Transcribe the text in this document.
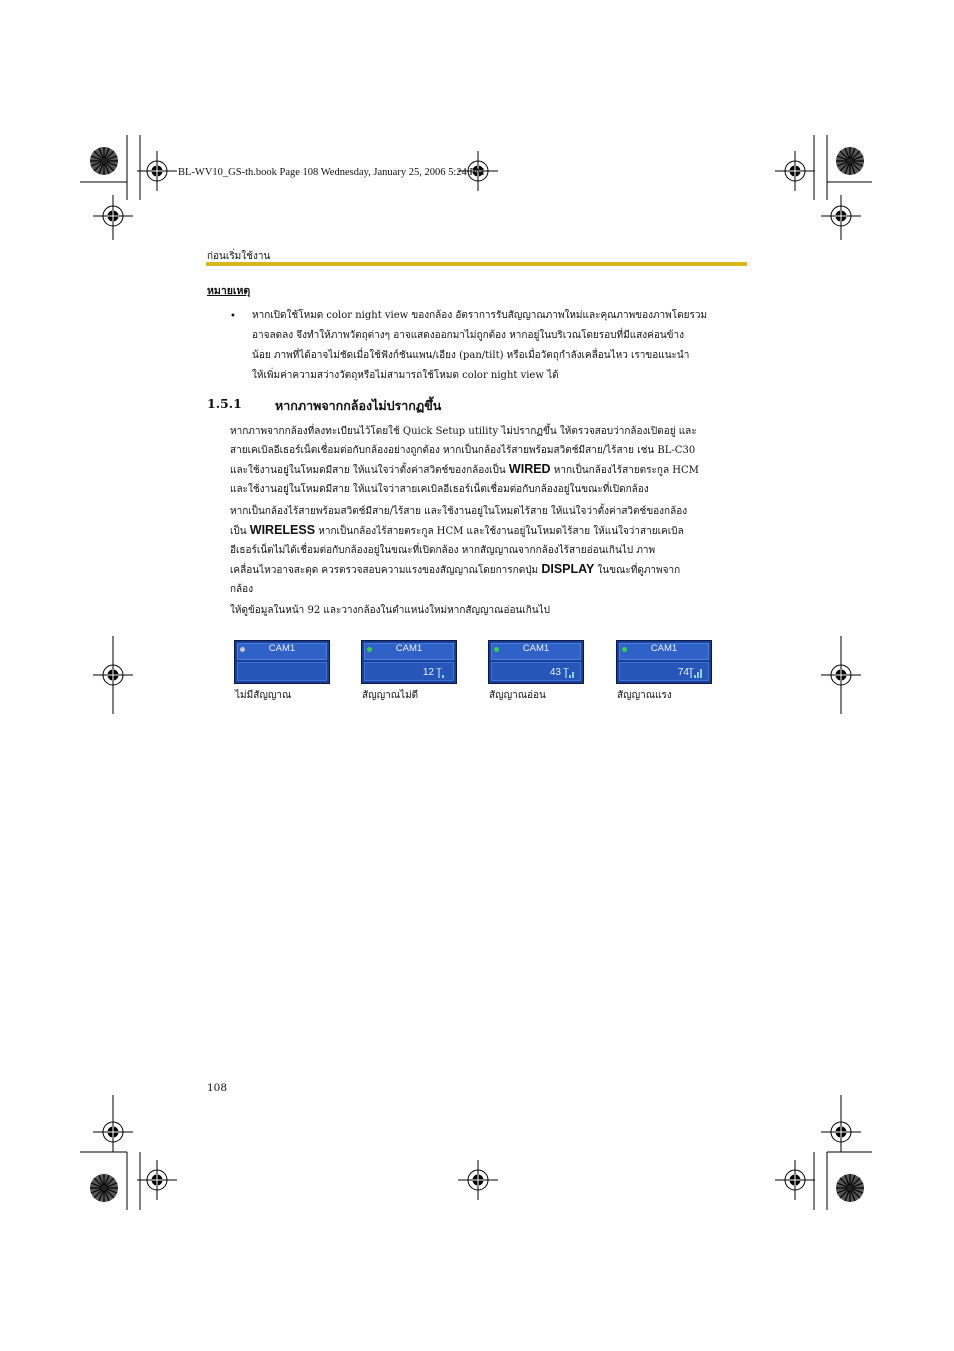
BL-WV10_GS-th.book Page 108 Wednesday, January 25, 2006 5:24 PM
ก่อนเริ่มใช้งาน
หมายเหตุ
• หากเปิดใช้โหมด color night view ของกล้อง อัตราการรับสัญญาณภาพใหม่และคุณภาพของภาพโดยรวม
อาจลดลง จึงทำให้ภาพวัตถุต่างๆ อาจแสดงออกมาไม่ถูกต้อง หากอยู่ในบริเวณโดยรอบที่มีแสงค่อนข้าง
น้อย ภาพที่ได้อาจไม่ชัดเมื่อใช้ฟังก์ชันแพน/เอียง (pan/tilt) หรือเมื่อวัตถุกำลังเคลื่อนไหว เราขอแนะนำ
ให้เพิ่มค่าความสว่างวัตถุหรือไม่สามารถใช้โหมด color night view ได้
1.5.1	หากภาพจากกล้องไม่ปรากฏขึ้น
หากภาพจากกล้องที่ลงทะเบียนไว้โดยใช้ Quick Setup utility ไม่ปรากฏขึ้น ให้ตรวจสอบว่ากล้องเปิดอยู่ และ
สายเคเบิลอีเธอร์เน็ตเชื่อมต่อกับกล้องอย่างถูกต้อง หากเป็นกล้องไร้สายพร้อมสวิตช์มีสาย/ไร้สาย เช่น BL-C30
และใช้งานอยู่ในโหมดมีสาย ให้แน่ใจว่าตั้งค่าสวิตช์ของกล้องเป็น WIRED หากเป็นกล้องไร้สายตระกูล HCM
และใช้งานอยู่ในโหมดมีสาย ให้แน่ใจว่าสายเคเบิลอีเธอร์เน็ตเชื่อมต่อกับกล้องอยู่ในขณะที่เปิดกล้อง
หากเป็นกล้องไร้สายพร้อมสวิตช์มีสาย/ไร้สาย และใช้งานอยู่ในโหมดไร้สาย ให้แน่ใจว่าตั้งค่าสวิตช์ของกล้อง
เป็น WIRELESS หากเป็นกล้องไร้สายตระกูล HCM และใช้งานอยู่ในโหมดไร้สาย ให้แน่ใจว่าสายเคเบิล
อีเธอร์เน็ตไม่ได้เชื่อมต่อกับกล้องอยู่ในขณะที่เปิดกล้อง หากสัญญาณจากกล้องไร้สายอ่อนเกินไป ภาพ
เคลื่อนไหวอาจสะดุด ควรตรวจสอบความแรงของสัญญาณโดยการกดปุ่ม DISPLAY ในขณะที่ดูภาพจาก
กล้อง
ให้ดูข้อมูลในหน้า 92 และวางกล้องในตำแหน่งใหม่หากสัญญาณอ่อนเกินไป
CAM1
ไม่มีสัญญาณ
CAM1
12
สัญญาณไม่ดี
CAM1
43
สัญญาณอ่อน
CAM1
74
สัญญาณแรง
108
